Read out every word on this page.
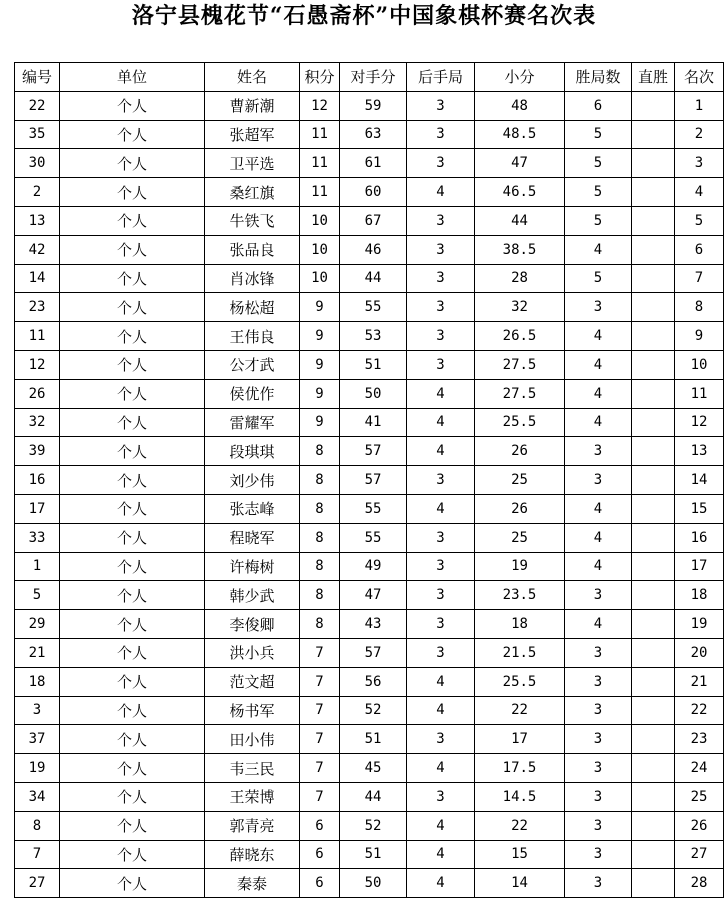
洛宁县槐花节“石愚斋杯”中国象棋杯赛名次表
编号	单位	姓名	积分	对手分	后手局	小分	胜局数	直胜	名次
22	个人	曹新潮	12	59	3	48	6		1
35	个人	张超军	11	63	3	48.5	5		2
30	个人	卫平选	11	61	3	47	5		3
2	个人	桑红旗	11	60	4	46.5	5		4
13	个人	牛铁飞	10	67	3	44	5		5
42	个人	张品良	10	46	3	38.5	4		6
14	个人	肖冰锋	10	44	3	28	5		7
23	个人	杨松超	9	55	3	32	3		8
11	个人	王伟良	9	53	3	26.5	4		9
12	个人	公才武	9	51	3	27.5	4		10
26	个人	侯优作	9	50	4	27.5	4		11
32	个人	雷耀军	9	41	4	25.5	4		12
39	个人	段琪琪	8	57	4	26	3		13
16	个人	刘少伟	8	57	3	25	3		14
17	个人	张志峰	8	55	4	26	4		15
33	个人	程晓军	8	55	3	25	4		16
1	个人	许梅树	8	49	3	19	4		17
5	个人	韩少武	8	47	3	23.5	3		18
29	个人	李俊卿	8	43	3	18	4		19
21	个人	洪小兵	7	57	3	21.5	3		20
18	个人	范文超	7	56	4	25.5	3		21
3	个人	杨书军	7	52	4	22	3		22
37	个人	田小伟	7	51	3	17	3		23
19	个人	韦三民	7	45	4	17.5	3		24
34	个人	王荣博	7	44	3	14.5	3		25
8	个人	郭青亮	6	52	4	22	3		26
7	个人	薛晓东	6	51	4	15	3		27
27	个人	秦泰	6	50	4	14	3		28
